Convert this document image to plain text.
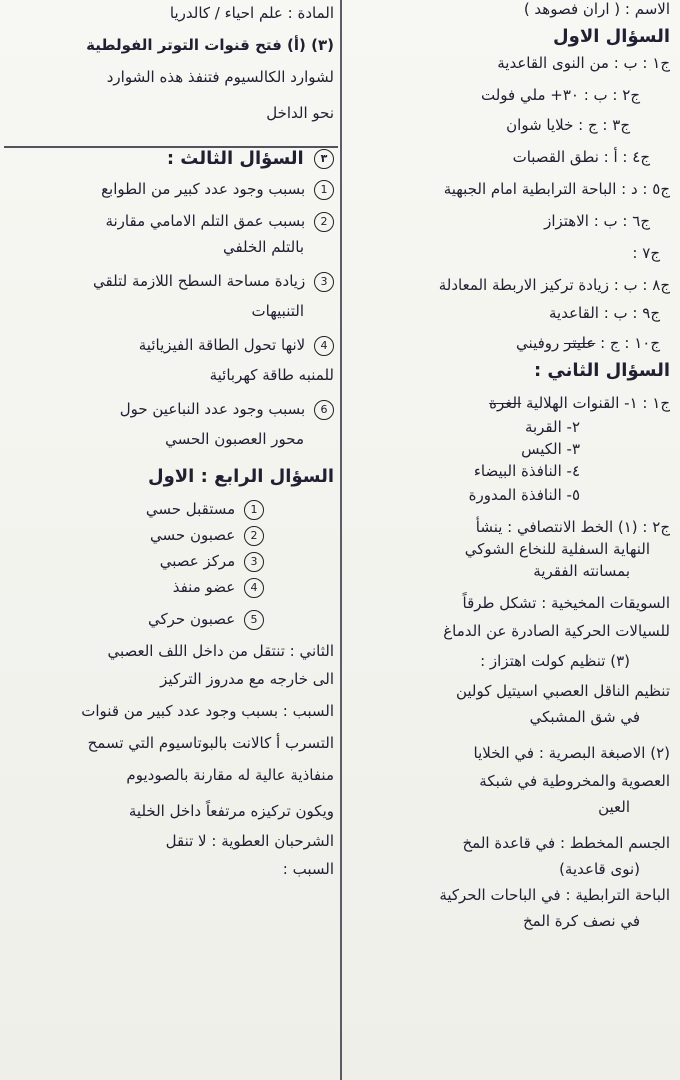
الاسم : ( اران فصوهد )
السؤال الاول
ج١ : ب : من النوى القاعدية
ج٢ : ب : ٣٠+ ملي فولت
ج٣ : ج : خلايا شوان
ج٤ : أ : نطق القصبات
ج٥ : د : الباحة الترابطية امام الجبهية
ج٦ : ب : الاهتزاز
ج٧ :
ج٨ : ب : زيادة تركيز الاربطة المعادلة
ج٩ : ب : القاعدية
ج١٠ : ج : عليتر روفيني
السؤال الثاني :
ج١ : ١- القنوات الهلالية الغرة
٢- القربة
٣- الكيس
٤- النافذة البيضاء
٥- النافذة المدورة
ج٢ : (١) الخط الانتصافي : ينشأ
النهاية السفلية للنخاع الشوكي
بمسانته الفقرية
السويقات المخيخية : تشكل طرقاً
للسيالات الحركية الصادرة عن الدماغ
(٣) تنظيم كولت اهتزاز :
تنظيم الناقل العصبي اسيتيل كولين
في شق المشبكي
(٢) الاصبغة البصرية : في الخلايا
العصوية والمخروطية في شبكة
العين
الجسم المخطط : في قاعدة المخ
(نوى قاعدية)
الباحة الترابطية : في الباحات الحركية
في نصف كرة المخ
المادة : علم احياء / كالدريا
(٣) (أ) فتح قنوات التوتر الفولطية
لشوارد الكالسيوم فتنفذ هذه الشوارد
نحو الداخل
٣ السؤال الثالث :
1 بسبب وجود عدد كبير من الطوابع
2 بسبب عمق التلم الامامي مقارنة
بالتلم الخلفي
3 زيادة مساحة السطح اللازمة لتلقي
التنبيهات
4 لانها تحول الطاقة الفيزيائية
للمنبه طاقة كهربائية
6 بسبب وجود عدد النباعين حول
محور العصبون الحسي
السؤال الرابع : الاول
1 مستقبل حسي
2 عصبون حسي
3 مركز عصبي
4 عضو منفذ
5 عصبون حركي
الثاني : تنتقل من داخل اللف العصبي
الى خارجه مع مدروز التركيز
السبب : بسبب وجود عدد كبير من قنوات
التسرب أ كالانت بالبوتاسيوم التي تسمح
منفاذية عالية له مقارنة بالصوديوم
ويكون تركيزه مرتفعاً داخل الخلية
الشرحبان العطوية : لا تنقل
السبب :
